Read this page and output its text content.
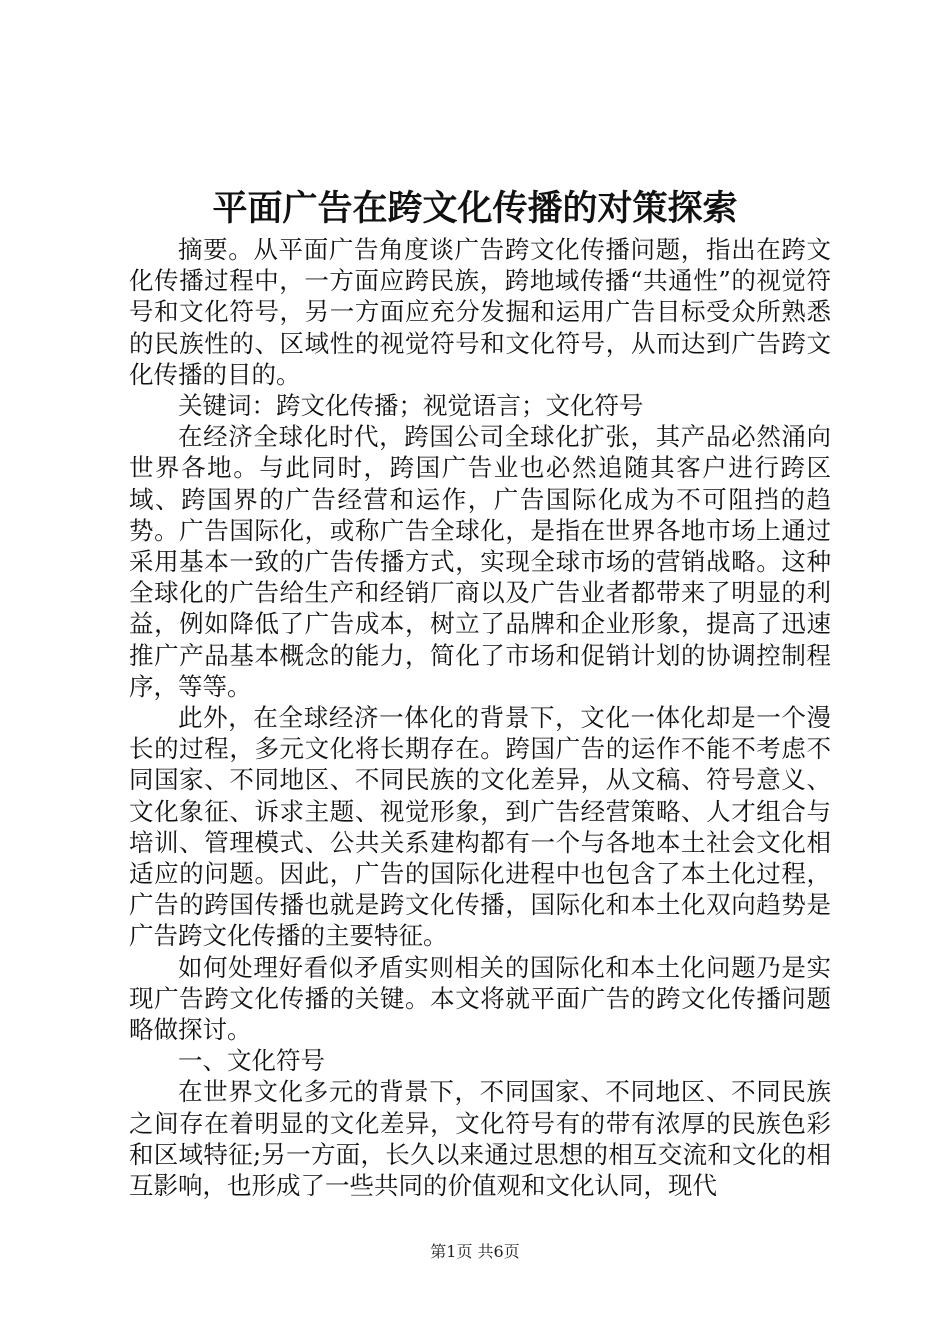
平面广告在跨文化传播的对策探索

摘要。从平面广告角度谈广告跨文化传播问题，指出在跨文化传播过程中，一方面应跨民族，跨地域传播“共通性”的视觉符号和文化符号，另一方面应充分发掘和运用广告目标受众所熟悉的民族性的、区域性的视觉符号和文化符号，从而达到广告跨文化传播的目的。

关键词：跨文化传播；视觉语言；文化符号

在经济全球化时代，跨国公司全球化扩张，其产品必然涌向世界各地。与此同时，跨国广告业也必然追随其客户进行跨区域、跨国界的广告经营和运作，广告国际化成为不可阻挡的趋势。广告国际化，或称广告全球化，是指在世界各地市场上通过采用基本一致的广告传播方式，实现全球市场的营销战略。这种全球化的广告给生产和经销厂商以及广告业者都带来了明显的利益，例如降低了广告成本，树立了品牌和企业形象，提高了迅速推广产品基本概念的能力，简化了市场和促销计划的协调控制程序，等等。

此外，在全球经济一体化的背景下，文化一体化却是一个漫长的过程，多元文化将长期存在。跨国广告的运作不能不考虑不同国家、不同地区、不同民族的文化差异，从文稿、符号意义、文化象征、诉求主题、视觉形象，到广告经营策略、人才组合与培训、管理模式、公共关系建构都有一个与各地本土社会文化相适应的问题。因此，广告的国际化进程中也包含了本土化过程，广告的跨国传播也就是跨文化传播，国际化和本土化双向趋势是广告跨文化传播的主要特征。

如何处理好看似矛盾实则相关的国际化和本土化问题乃是实现广告跨文化传播的关键。本文将就平面广告的跨文化传播问题略做探讨。

一、文化符号

在世界文化多元的背景下，不同国家、不同地区、不同民族之间存在着明显的文化差异，文化符号有的带有浓厚的民族色彩和区域特征;另一方面，长久以来通过思想的相互交流和文化的相互影响，也形成了一些共同的价值观和文化认同，现代

第1页 共6页
